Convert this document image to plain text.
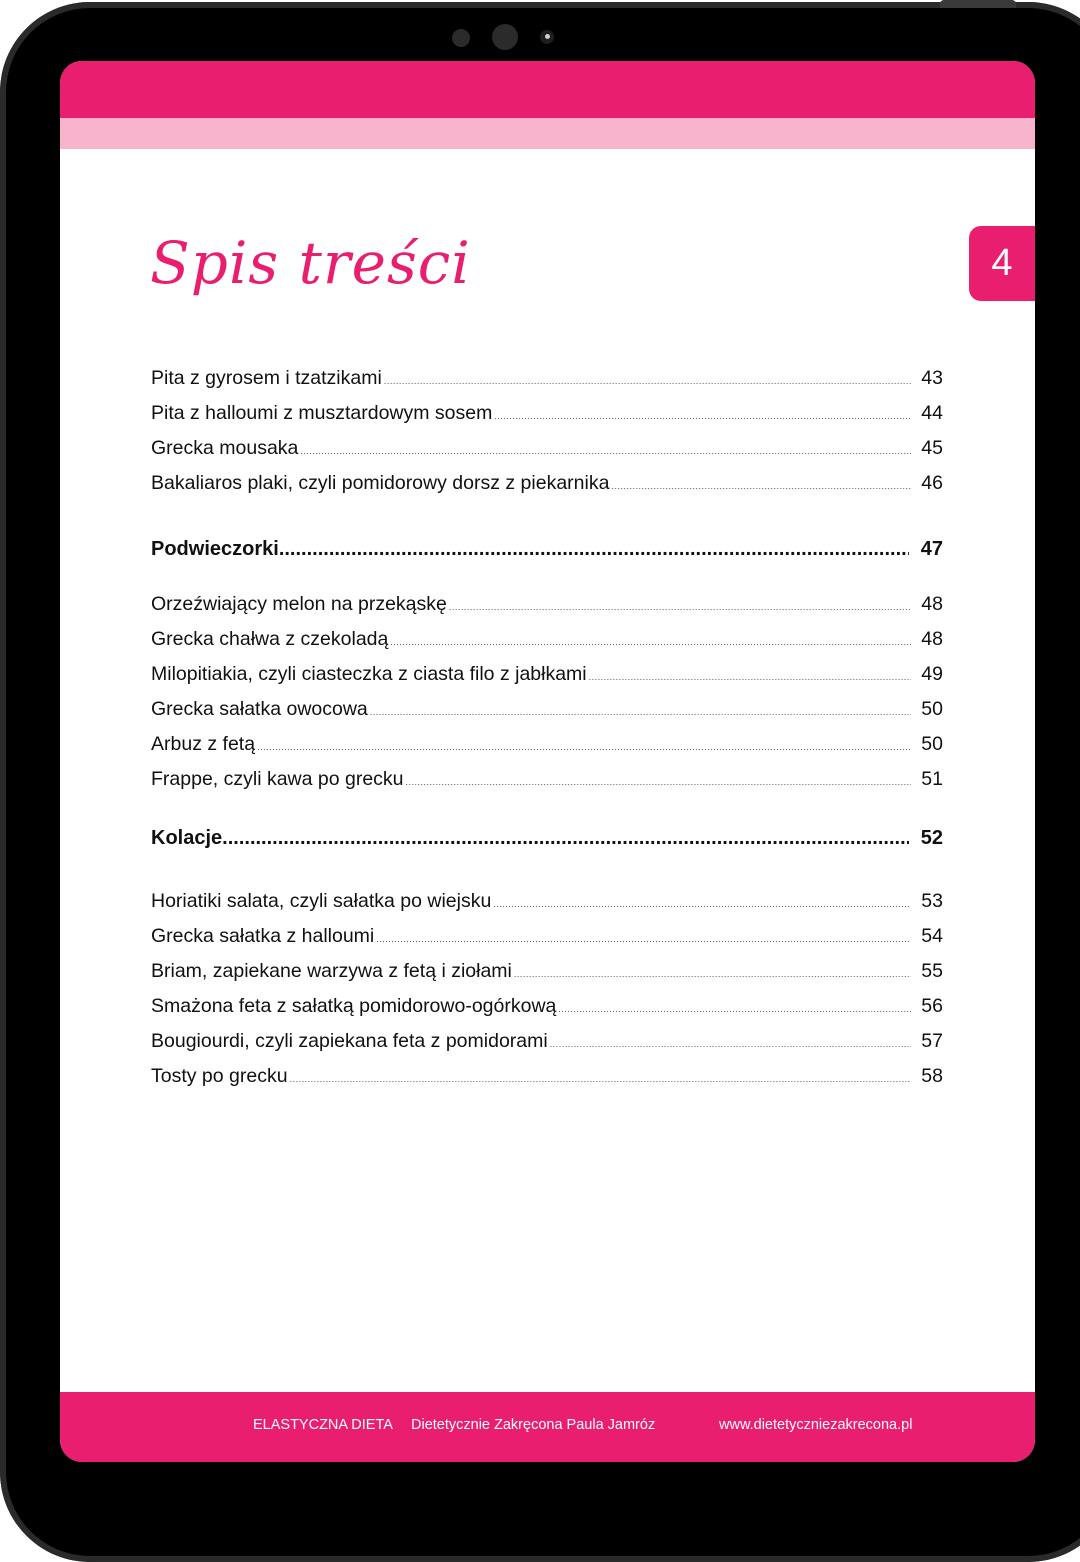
4
Spis treści
Pita z gyrosem i tzatzikami .....	43
Pita z halloumi z musztardowym sosem .....	44
Grecka mousaka .....	45
Bakaliaros plaki, czyli pomidorowy dorsz z piekarnika .....	46
Podwieczorki .....	47
Orzeźwiający melon na przekąskę .....	48
Grecka chałwa z czekoladą .....	48
Milopitiakia, czyli ciasteczka z ciasta filo z jabłkami .....	49
Grecka sałatka owocowa .....	50
Arbuz z fetą .....	50
Frappe, czyli kawa po grecku .....	51
Kolacje .....	52
Horiatiki salata, czyli sałatka po wiejsku .....	53
Grecka sałatka z halloumi .....	54
Briam, zapiekane warzywa z fetą i ziołami .....	55
Smażona feta z sałatką pomidorowo-ogórkową .....	56
Bougiourdi, czyli zapiekana feta z pomidorami .....	57
Tosty po grecku .....	58
ELASTYCZNA DIETA Dietetycznie Zakręcona Paula Jamróz	www.dietetyczniezakrecona.pl
